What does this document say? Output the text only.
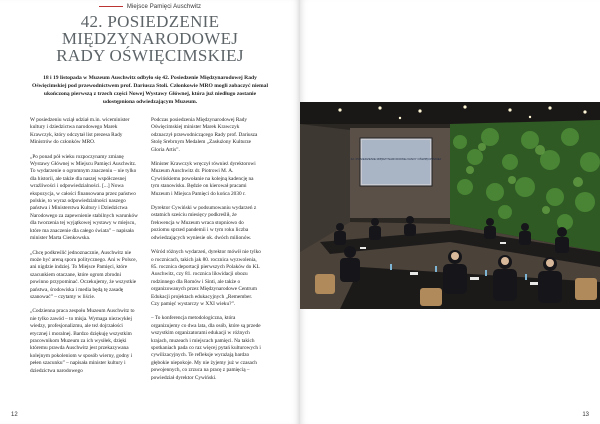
Miejsce Pamięci Auschwitz
42. POSIEDZENIE
MIĘDZYNARODOWEJ
RADY OŚWIĘCIMSKIEJ
18 i 19 listopada w Muzeum Auschwitz odbyło się 42. Posiedzenie Międzynarodowej Rady Oświęcimskiej pod przewodnictwem prof. Dariusza Stoli. Członkowie MRO mogli zobaczyć niemal ukończoną pierwszą z trzech części Nowej Wystawy Głównej, która już niedługo zostanie udostępniona odwiedzającym Muzeum.

W posiedzeniu wziął udział m.in. wiceminister kultury i dziedzictwa narodowego Marek Krawczyk, który odczytał list prezesa Rady Ministrów do członków MRO.

„Po ponad pół wieku rozpoczynamy zmianę Wystawy Głównej w Miejscu Pamięci Auschwitz. To wydarzenie o ogromnym znaczeniu – nie tylko dla historii, ale także dla naszej współczesnej wrażliwości i odpowiedzialności. [...] Nowa ekspozycja, w całości finansowana przez państwo polskie, to wyraz odpowiedzialności naszego państwa i Ministerstwa Kultury i Dziedzictwa Narodowego za zapewnienie stabilnych warunków dla tworzenia tej wyjątkowej wystawy w miejscu, które ma znaczenie dla całego świata” – napisała minister Marta Cienkowska.

„Chcę podkreślić jednoznacznie, Auschwitz nie może być areną sporu politycznego. Ani w Polsce, ani nigdzie indziej. To Miejsce Pamięci, które szacunkiem otaczane, które ogrom zbrodni powinno przypominać. Oczekujemy, że wszystkie państwa, środowiska i media będą tę zasadę szanować” – czytamy w liście.

„Codzienna praca zespołu Muzeum Auschwitz to nie tylko zawód – to misja. Wymaga niezwykłej wiedzy, profesjonalizmu, ale też dojrzałości etycznej i moralnej. Bardzo dziękuję wszystkim pracownikom Muzeum za ich wysiłek, dzięki któremu prawda Auschwitz jest przekazywana kolejnym pokoleniom w sposób wierny, godny i pełen szacunku” – napisała minister kultury i dziedzictwa narodowego

Podczas posiedzenia Międzynarodowej Rady Oświęcimskiej minister Marek Krawczyk odznaczył przewodniczącego Rady prof. Dariusza Stolę Srebrnym Medalem „Zasłużony Kulturze Gloria Artis”.

Minister Krawczyk wręczył również dyrektorowi Muzeum Auschwitz dr. Piotrowi M. A. Cywińskiemu powołanie na kolejną kadencję na tym stanowisku. Będzie on kierował pracami Muzeum i Miejsca Pamięci do końca 2030 r.

Dyrektor Cywiński w podsumowaniu wydarzeń z ostatnich sześciu miesięcy podkreślił, że frekwencja w Muzeum wraca stopniowo do poziomu sprzed pandemii i w tym roku liczba odwiedzających wyniesie ok. dwóch milionów.

Wśród różnych wydarzeń, dyrektor mówił nie tylko o rocznicach, takich jak 80. rocznica wyzwolenia, 85. rocznica deportacji pierwszych Polaków do KL Auschwitz, czy 81. rocznica likwidacji obozu rodzinnego dla Romów i Sinti, ale także o organizowanych przez Międzynarodowe Centrum Edukacji projektach edukacyjnych „Remember. Czy pamięć wystarczy w XXI wieku?”.

– To konferencja metodologiczna, która organizujemy co dwa lata, dla osób, które są przede wszystkim organizatorami edukacji w różnych krajach, muzeach i miejscach pamięci. Na takich spotkaniach pada co raz więcej pytań kulturowych i cywilizacyjnych. Te refleksje wyrażają bardzo głębokie niepokoje. My nie żyjemy już w czasach powojennych, co zrzuca na pracę z pamięcią – powiedział dyrektor Cywiński.

12
42. POSIEDZENIE MIĘDZYNARODOWEJ RADY OŚWIĘCIMSKIEJ
13
